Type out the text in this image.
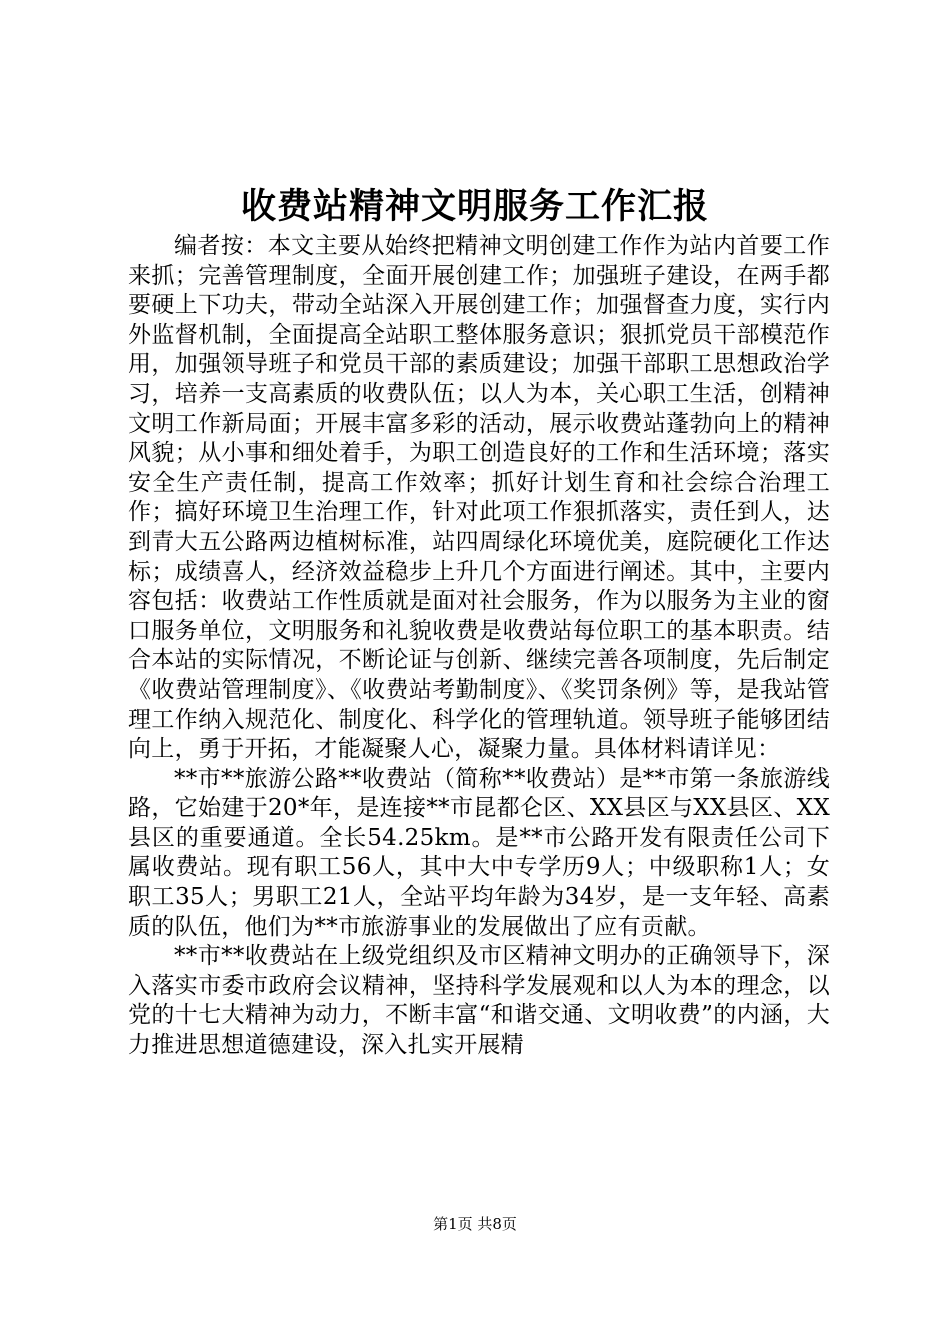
收费站精神文明服务工作汇报

编者按：本文主要从始终把精神文明创建工作作为站内首要工作来抓；完善管理制度，全面开展创建工作；加强班子建设，在两手都要硬上下功夫，带动全站深入开展创建工作；加强督查力度，实行内外监督机制，全面提高全站职工整体服务意识；狠抓党员干部模范作用，加强领导班子和党员干部的素质建设；加强干部职工思想政治学习，培养一支高素质的收费队伍；以人为本，关心职工生活，创精神文明工作新局面；开展丰富多彩的活动，展示收费站蓬勃向上的精神风貌；从小事和细处着手，为职工创造良好的工作和生活环境；落实安全生产责任制，提高工作效率；抓好计划生育和社会综合治理工作；搞好环境卫生治理工作，针对此项工作狠抓落实，责任到人，达到青大五公路两边植树标准，站四周绿化环境优美，庭院硬化工作达标；成绩喜人，经济效益稳步上升几个方面进行阐述。其中，主要内容包括：收费站工作性质就是面对社会服务，作为以服务为主业的窗口服务单位，文明服务和礼貌收费是收费站每位职工的基本职责。结合本站的实际情况，不断论证与创新、继续完善各项制度，先后制定《收费站管理制度》、《收费站考勤制度》、《奖罚条例》等，是我站管理工作纳入规范化、制度化、科学化的管理轨道。领导班子能够团结向上，勇于开拓，才能凝聚人心，凝聚力量。具体材料请详见：

**市**旅游公路**收费站（简称**收费站）是**市第一条旅游线路，它始建于20*年，是连接**市昆都仑区、XX县区与XX县区、XX县区的重要通道。全长54.25km。是**市公路开发有限责任公司下属收费站。现有职工56人，其中大中专学历9人；中级职称1人；女职工35人；男职工21人，全站平均年龄为34岁，是一支年轻、高素质的队伍，他们为**市旅游事业的发展做出了应有贡献。

**市**收费站在上级党组织及市区精神文明办的正确领导下，深入落实市委市政府会议精神，坚持科学发展观和以人为本的理念，以党的十七大精神为动力，不断丰富“和谐交通、文明收费”的内涵，大力推进思想道德建设，深入扎实开展精

第1页 共8页
